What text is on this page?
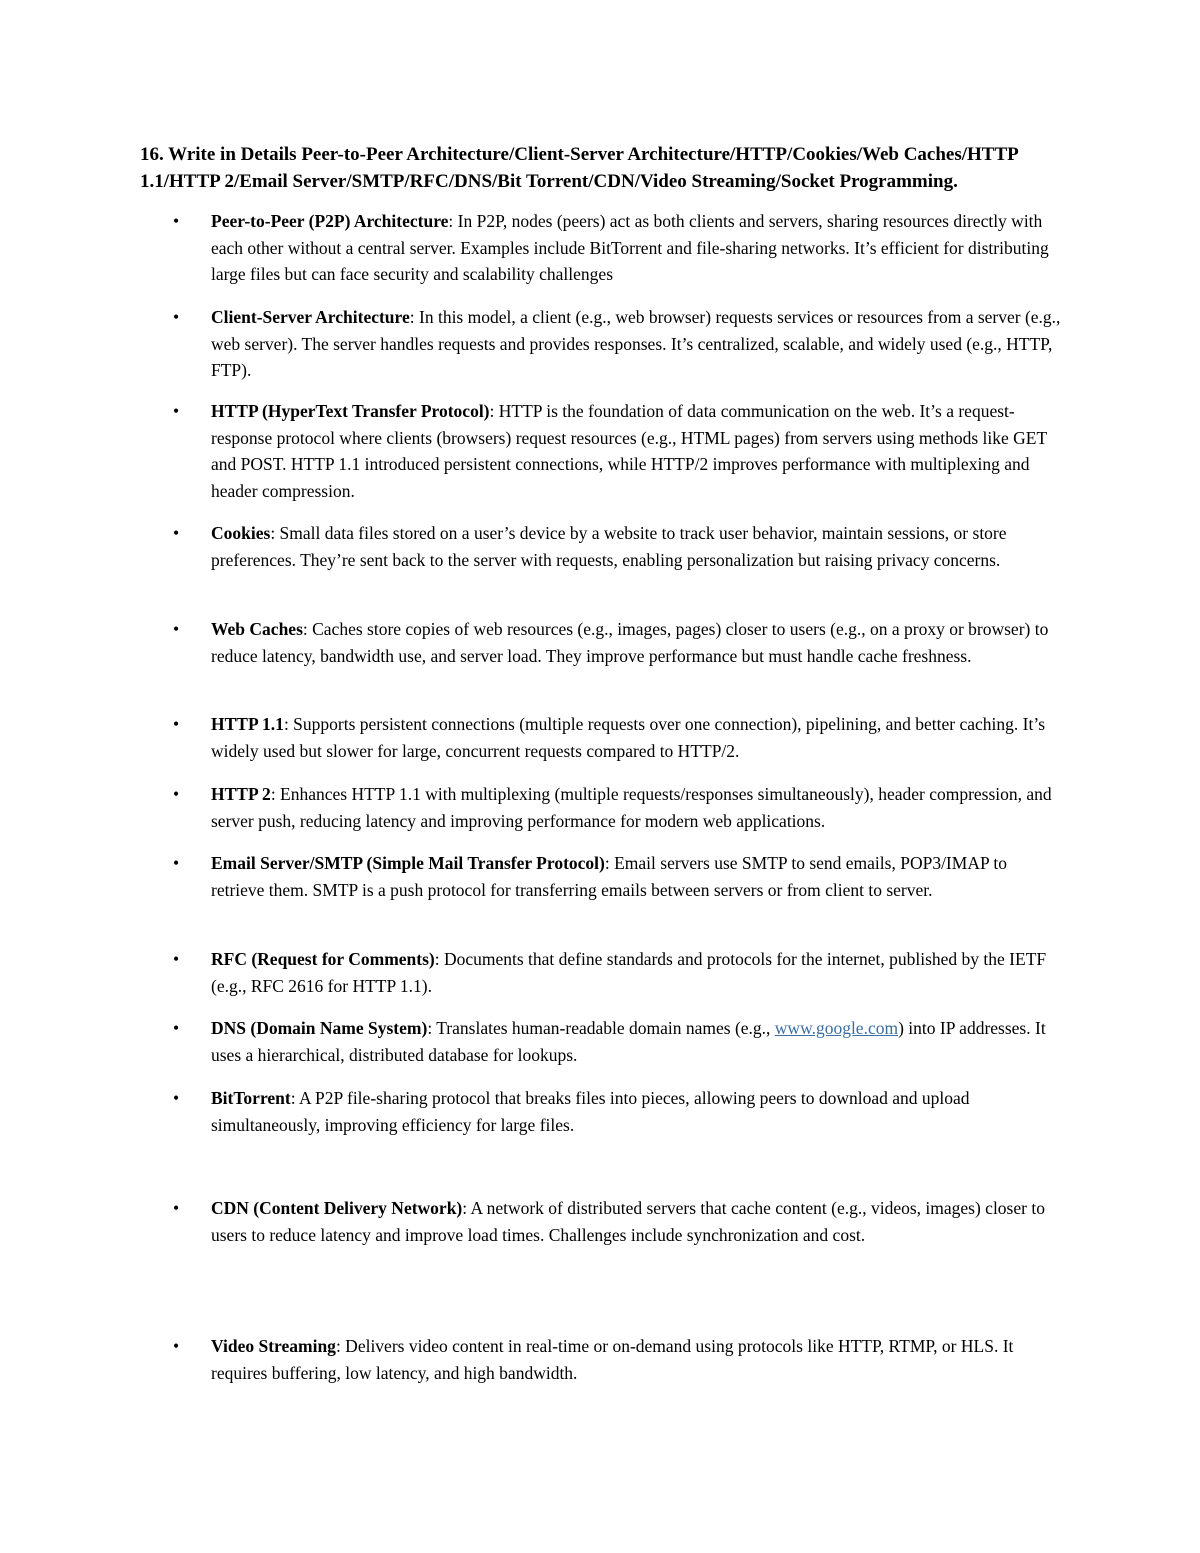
16. Write in Details Peer-to-Peer Architecture/Client-Server Architecture/HTTP/Cookies/Web Caches/HTTP 1.1/HTTP 2/Email Server/SMTP/RFC/DNS/Bit Torrent/CDN/Video Streaming/Socket Programming.

•	Peer-to-Peer (P2P) Architecture: In P2P, nodes (peers) act as both clients and servers, sharing resources directly with each other without a central server. Examples include BitTorrent and file-sharing networks. It’s efficient for distributing large files but can face security and scalability challenges
•	Client-Server Architecture: In this model, a client (e.g., web browser) requests services or resources from a server (e.g., web server). The server handles requests and provides responses. It’s centralized, scalable, and widely used (e.g., HTTP, FTP).
•	HTTP (HyperText Transfer Protocol): HTTP is the foundation of data communication on the web. It’s a request-response protocol where clients (browsers) request resources (e.g., HTML pages) from servers using methods like GET and POST. HTTP 1.1 introduced persistent connections, while HTTP/2 improves performance with multiplexing and header compression.
•	Cookies: Small data files stored on a user’s device by a website to track user behavior, maintain sessions, or store preferences. They’re sent back to the server with requests, enabling personalization but raising privacy concerns.
•	Web Caches: Caches store copies of web resources (e.g., images, pages) closer to users (e.g., on a proxy or browser) to reduce latency, bandwidth use, and server load. They improve performance but must handle cache freshness.
•	HTTP 1.1: Supports persistent connections (multiple requests over one connection), pipelining, and better caching. It’s widely used but slower for large, concurrent requests compared to HTTP/2.
•	HTTP 2: Enhances HTTP 1.1 with multiplexing (multiple requests/responses simultaneously), header compression, and server push, reducing latency and improving performance for modern web applications.
•	Email Server/SMTP (Simple Mail Transfer Protocol): Email servers use SMTP to send emails, POP3/IMAP to retrieve them. SMTP is a push protocol for transferring emails between servers or from client to server.
•	RFC (Request for Comments): Documents that define standards and protocols for the internet, published by the IETF (e.g., RFC 2616 for HTTP 1.1).
•	DNS (Domain Name System): Translates human-readable domain names (e.g., www.google.com) into IP addresses. It uses a hierarchical, distributed database for lookups.
•	BitTorrent: A P2P file-sharing protocol that breaks files into pieces, allowing peers to download and upload simultaneously, improving efficiency for large files.
•	CDN (Content Delivery Network): A network of distributed servers that cache content (e.g., videos, images) closer to users to reduce latency and improve load times. Challenges include synchronization and cost.
•	Video Streaming: Delivers video content in real-time or on-demand using protocols like HTTP, RTMP, or HLS. It requires buffering, low latency, and high bandwidth.
